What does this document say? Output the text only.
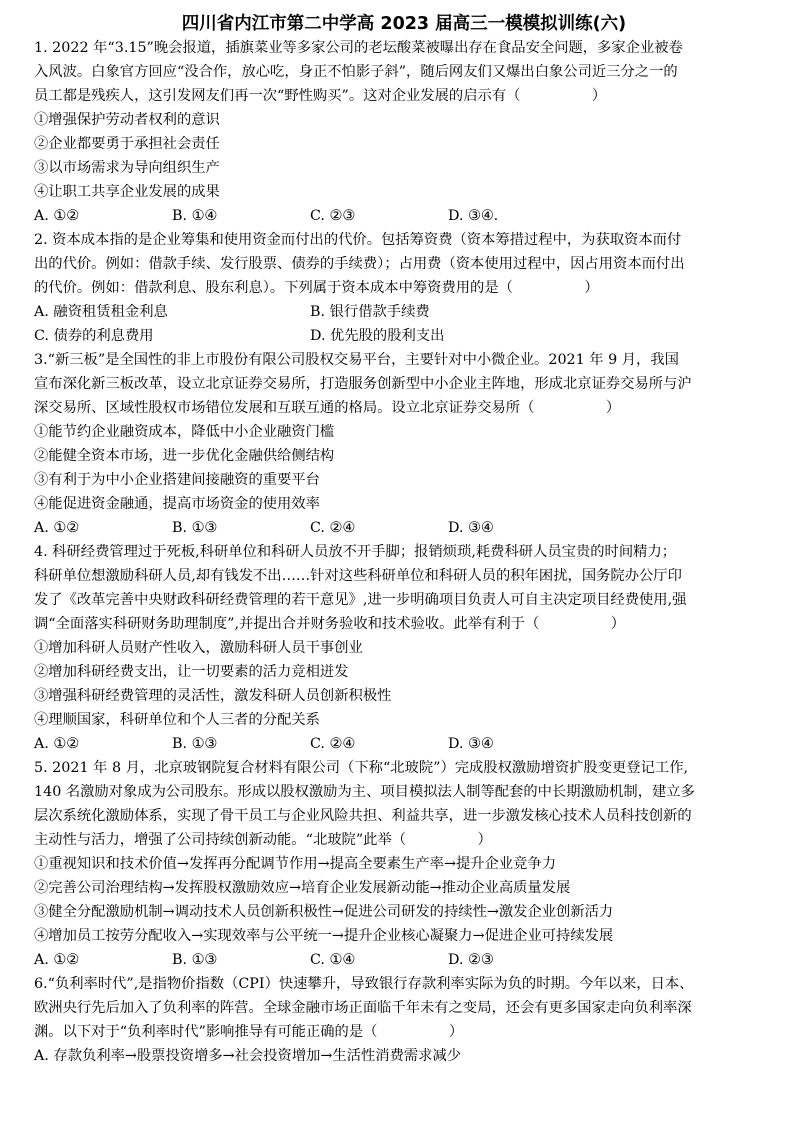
四川省内江市第二中学高 2023 届高三一模模拟训练(六)

1. 2022 年“3.15”晚会报道，插旗菜业等多家公司的老坛酸菜被曝出存在食品安全问题，多家企业被卷

入风波。白象官方回应“没合作，放心吃，身正不怕影子斜”，随后网友们又爆出白象公司近三分之一的

员工都是残疾人，这引发网友们再一次“野性购买”。这对企业发展的启示有（　　　　　）

①增强保护劳动者权利的意识

②企业都要勇于承担社会责任

③以市场需求为导向组织生产

④让职工共享企业发展的成果

A. ①②	B. ①④	C. ②③	D. ③④.

2. 资本成本指的是企业筹集和使用资金而付出的代价。包括筹资费（资本筹措过程中，为获取资本而付

出的代价。例如：借款手续、发行股票、债券的手续费）；占用费（资本使用过程中，因占用资本而付出

的代价。例如：借款利息、股东利息）。下列属于资本成本中筹资费用的是（　　　　　）

A. 融资租赁租金利息	B. 银行借款手续费
C. 债券的利息费用	D. 优先股的股利支出

3.“新三板”是全国性的非上市股份有限公司股权交易平台，主要针对中小微企业。2021 年 9 月，我国

宣布深化新三板改革，设立北京证券交易所，打造服务创新型中小企业主阵地，形成北京证券交易所与沪

深交易所、区域性股权市场错位发展和互联互通的格局。设立北京证券交易所（　　　　　）

①能节约企业融资成本，降低中小企业融资门槛

②能健全资本市场，进一步优化金融供给侧结构

③有利于为中小企业搭建间接融资的重要平台

④能促进资金融通，提高市场资金的使用效率

A. ①②	B. ①③	C. ②④	D. ③④

4. 科研经费管理过于死板,科研单位和科研人员放不开手脚；报销烦琐,耗费科研人员宝贵的时间精力；

科研单位想激励科研人员,却有钱发不出……针对这些科研单位和科研人员的积年困扰，国务院办公厅印

发了《改革完善中央财政科研经费管理的若干意见》,进一步明确项目负责人可自主决定项目经费使用,强

调“全面落实科研财务助理制度”,并提出合并财务验收和技术验收。此举有利于（　　　　　）

①增加科研人员财产性收入，激励科研人员干事创业

②增加科研经费支出，让一切要素的活力竞相迸发

③增强科研经费管理的灵活性，激发科研人员创新积极性

④理顺国家，科研单位和个人三者的分配关系

A. ①②	B. ①③	C. ②④	D. ③④

5. 2021 年 8 月，北京玻钢院复合材料有限公司（下称“北玻院”）完成股权激励增资扩股变更登记工作,

140 名激励对象成为公司股东。形成以股权激励为主、项目模拟法人制等配套的中长期激励机制，建立多

层次系统化激励体系，实现了骨干员工与企业风险共担、利益共享，进一步激发核心技术人员科技创新的

主动性与活力，增强了公司持续创新动能。“北玻院”此举（　　　　　）

①重视知识和技术价值→发挥再分配调节作用→提高全要素生产率→提升企业竞争力

②完善公司治理结构→发挥股权激励效应→培育企业发展新动能→推动企业高质量发展

③健全分配激励机制→调动技术人员创新积极性→促进公司研发的持续性→激发企业创新活力

④增加员工按劳分配收入→实现效率与公平统一→提升企业核心凝聚力→促进企业可持续发展

A. ①②	B. ①③	C. ①④	D. ②③

6.“负利率时代”,是指物价指数（CPI）快速攀升，导致银行存款利率实际为负的时期。今年以来，日本、

欧洲央行先后加入了负利率的阵营。全球金融市场正面临千年未有之变局，还会有更多国家走向负利率深

渊。以下对于“负利率时代”影响推导有可能正确的是（　　　　　）

A. 存款负利率→股票投资增多→社会投资增加→生活性消费需求减少
